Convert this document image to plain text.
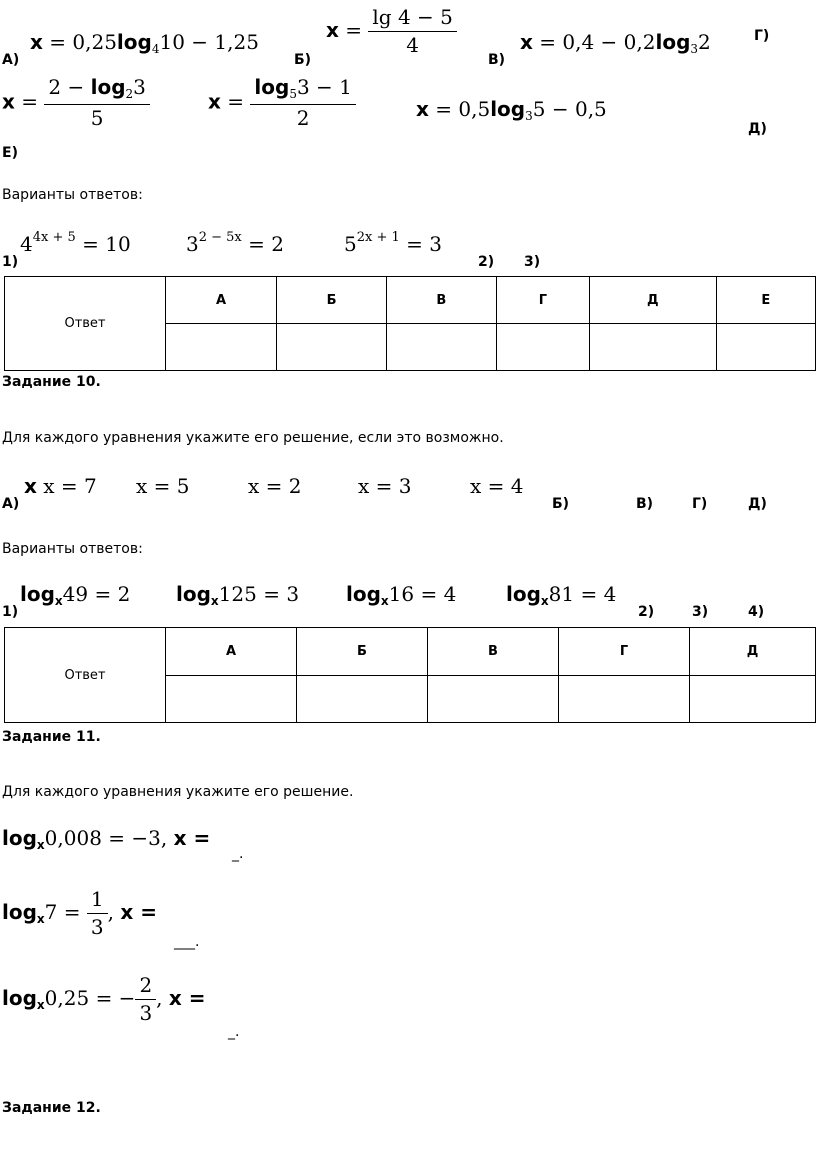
$x = 0,25\log_410 - 1,25$
А)	Б)
$x = \frac{\lg 4 - 5}{4}$
В)
$x = 0,4 - 0,2\log_32$	Г)
$x = \frac{2 - \log_23}{5}$	$x = \frac{\log_53 - 1}{2}$	$x = 0,5\log_35 - 0,5$
Д)
Е)
Варианты ответов:
$4^{4x + 5} = 10$	$3^{2 - 5x} = 2$	$5^{2x + 1} = 3$
1)	2) 3)
Ответ	А	Б	В	Г	Д	Е

Задание 10.
Для каждого уравнения укажите его решение, если это возможно.
x x = 7 x = 5	x = 2	x = 3	x = 4
А)	Б)	В)	Г)	Д)
Варианты ответов:
$\log_x49 = 2$ $\log_x125 = 3$ $\log_x16 = 4$ $\log_x81 = 4$
1)	2)	3)	4)
Ответ	А	Б	В	Г	Д

Задание 11.
Для каждого уравнения укажите его решение.
$\log_x0,008 = -3$, x =
_.
$\log_x7 = \frac{1}{3}$ , x =
___.
$\log_x0,25$ = − $\frac{2}{3}$ , x =
_.
Задание 12.
